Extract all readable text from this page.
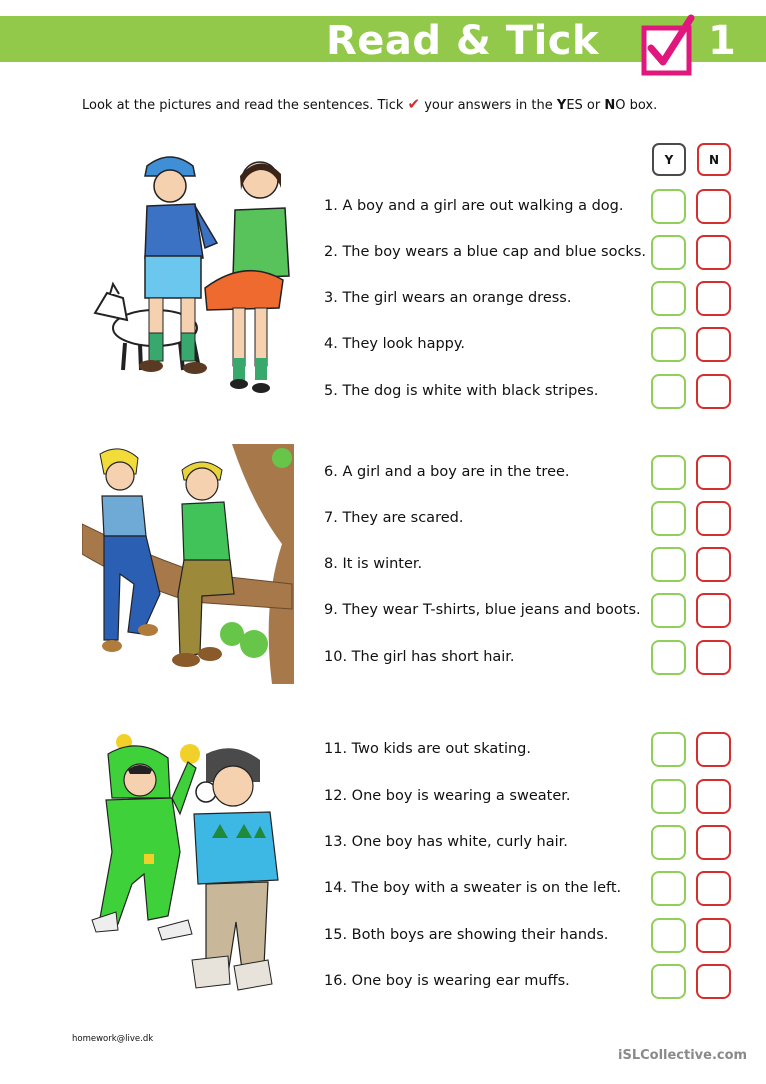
Read & Tick	1
Look at the pictures and read the sentences. Tick ✔ your answers in the YES or NO box.
Y	N
1. A boy and a girl are out walking a dog.
2. The boy wears a blue cap and blue socks.
3. The girl wears an orange dress.
4. They look happy.
5. The dog is white with black stripes.
6. A girl and a boy are in the tree.
7. They are scared.
8. It is winter.
9. They wear T-shirts, blue jeans and boots.
10. The girl has short hair.
11. Two kids are out skating.
12. One boy is wearing a sweater.
13. One boy has white, curly hair.
14. The boy with a sweater is on the left.
15. Both boys are showing their hands.
16. One boy is wearing ear muffs.
homework@live.dk
iSLCollective.com
